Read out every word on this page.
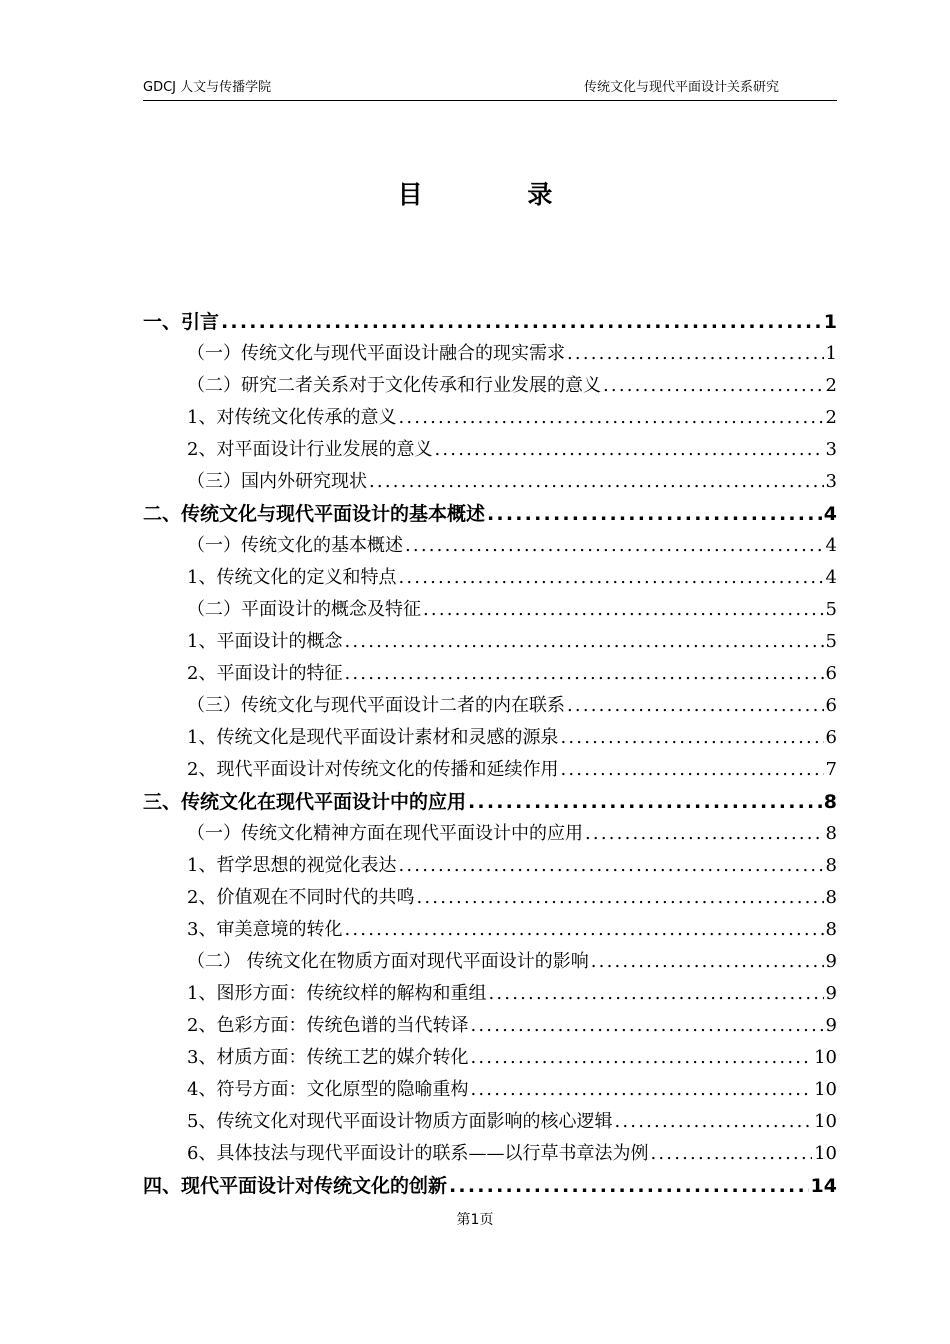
GDCJ 人文与传播学院	传统文化与现代平面设计关系研究
目 录
一、引言 .....	1
（一）传统文化与现代平面设计融合的现实需求 .....	1
（二）研究二者关系对于文化传承和行业发展的意义 .....	2
1、对传统文化传承的意义 .....	2
2、对平面设计行业发展的意义 .....	3
（三）国内外研究现状 .....	3
二、传统文化与现代平面设计的基本概述 .....	4
（一）传统文化的基本概述 .....	4
1、传统文化的定义和特点 .....	4
（二）平面设计的概念及特征 .....	5
1、平面设计的概念 .....	5
2、平面设计的特征 .....	6
（三）传统文化与现代平面设计二者的内在联系 .....	6
1、传统文化是现代平面设计素材和灵感的源泉 .....	6
2、现代平面设计对传统文化的传播和延续作用 .....	7
三、传统文化在现代平面设计中的应用 .....	8
（一）传统文化精神方面在现代平面设计中的应用 .....	8
1、哲学思想的视觉化表达 .....	8
2、价值观在不同时代的共鸣 .....	8
3、审美意境的转化 .....	8
（二） 传统文化在物质方面对现代平面设计的影响 .....	9
1、图形方面：传统纹样的解构和重组 .....	9
2、色彩方面：传统色谱的当代转译 .....	9
3、材质方面：传统工艺的媒介转化 .....	10
4、符号方面：文化原型的隐喻重构 .....	10
5、传统文化对现代平面设计物质方面影响的核心逻辑 .....	10
6、具体技法与现代平面设计的联系——以行草书章法为例 .....	10
四、现代平面设计对传统文化的创新 .....	14
第1页
